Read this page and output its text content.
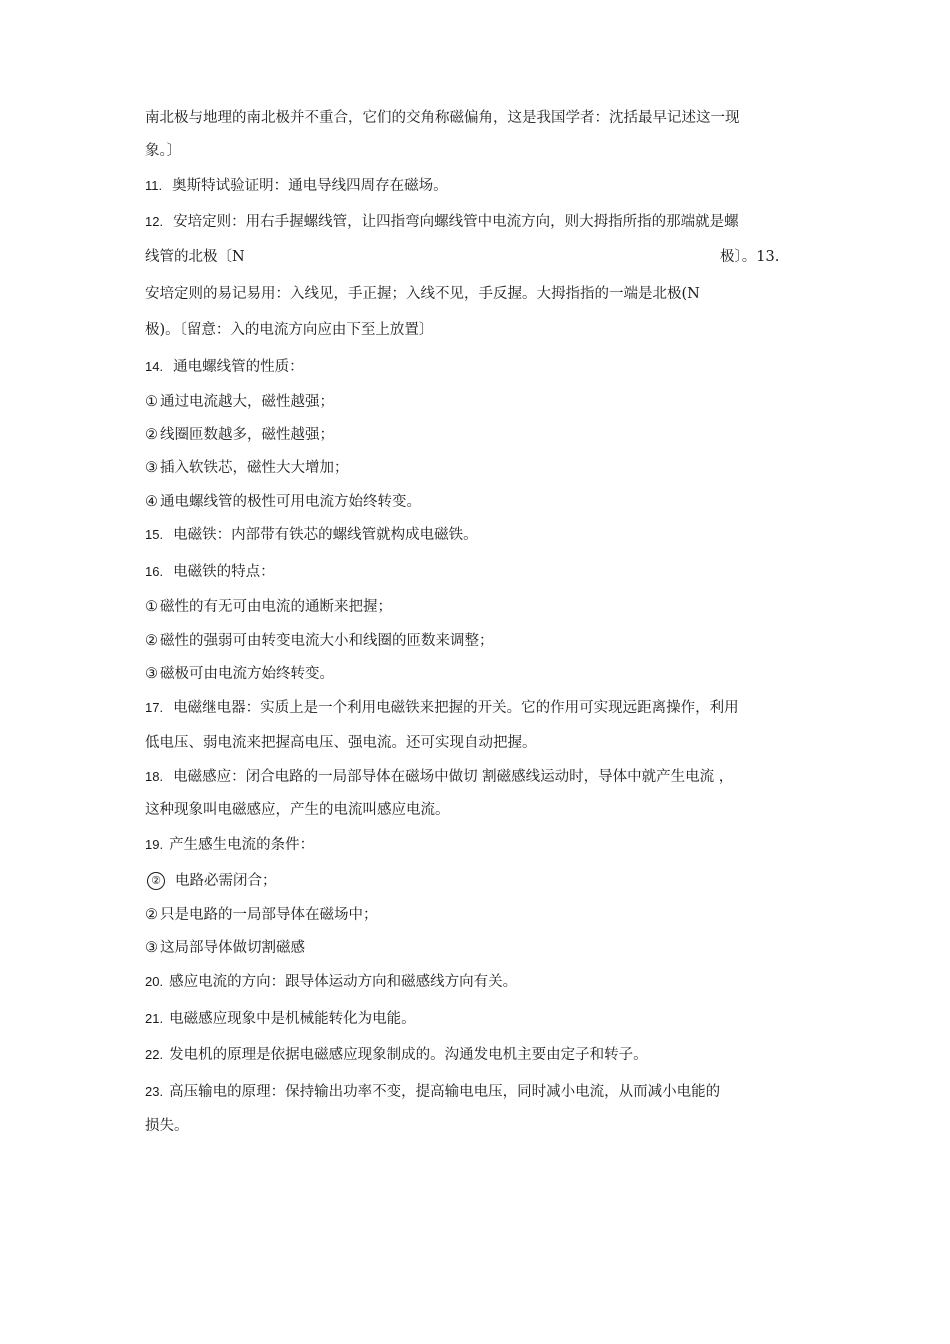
南北极与地理的南北极并不重合，它们的交角称磁偏角，这是我国学者：沈括最早记述这一现
象。〕
11. 奥斯特试验证明：通电导线四周存在磁场。
12. 安培定则：用右手握螺线管，让四指弯向螺线管中电流方向，则大拇指所指的那端就是螺
线管的北极〔N	极〕。13.
安培定则的易记易用：入线见，手正握；入线不见，手反握。大拇指指的一端是北极(N
极)。〔留意：入的电流方向应由下至上放置〕
14. 通电螺线管的性质：
① 通过电流越大，磁性越强；
② 线圈匝数越多，磁性越强；
③ 插入软铁芯，磁性大大增加；
④ 通电螺线管的极性可用电流方始终转变。
15. 电磁铁：内部带有铁芯的螺线管就构成电磁铁。
16. 电磁铁的特点：
① 磁性的有无可由电流的通断来把握；
② 磁性的强弱可由转变电流大小和线圈的匝数来调整；
③ 磁极可由电流方始终转变。
17. 电磁继电器：实质上是一个利用电磁铁来把握的开关。它的作用可实现远距离操作，利用
低电压、弱电流来把握高电压、强电流。还可实现自动把握。
18. 电磁感应：闭合电路的一局部导体在磁场中做切 割磁感线运动时，导体中就产生电流 ，
这种现象叫电磁感应，产生的电流叫感应电流。
19. 产生感生电流的条件：
② 电路必需闭合；
② 只是电路的一局部导体在磁场中；
③ 这局部导体做切割磁感
20. 感应电流的方向：跟导体运动方向和磁感线方向有关。
21. 电磁感应现象中是机械能转化为电能。
22. 发电机的原理是依据电磁感应现象制成的。沟通发电机主要由定子和转子。
23. 高压输电的原理：保持输出功率不变，提高输电电压，同时减小电流，从而减小电能的
损失。
